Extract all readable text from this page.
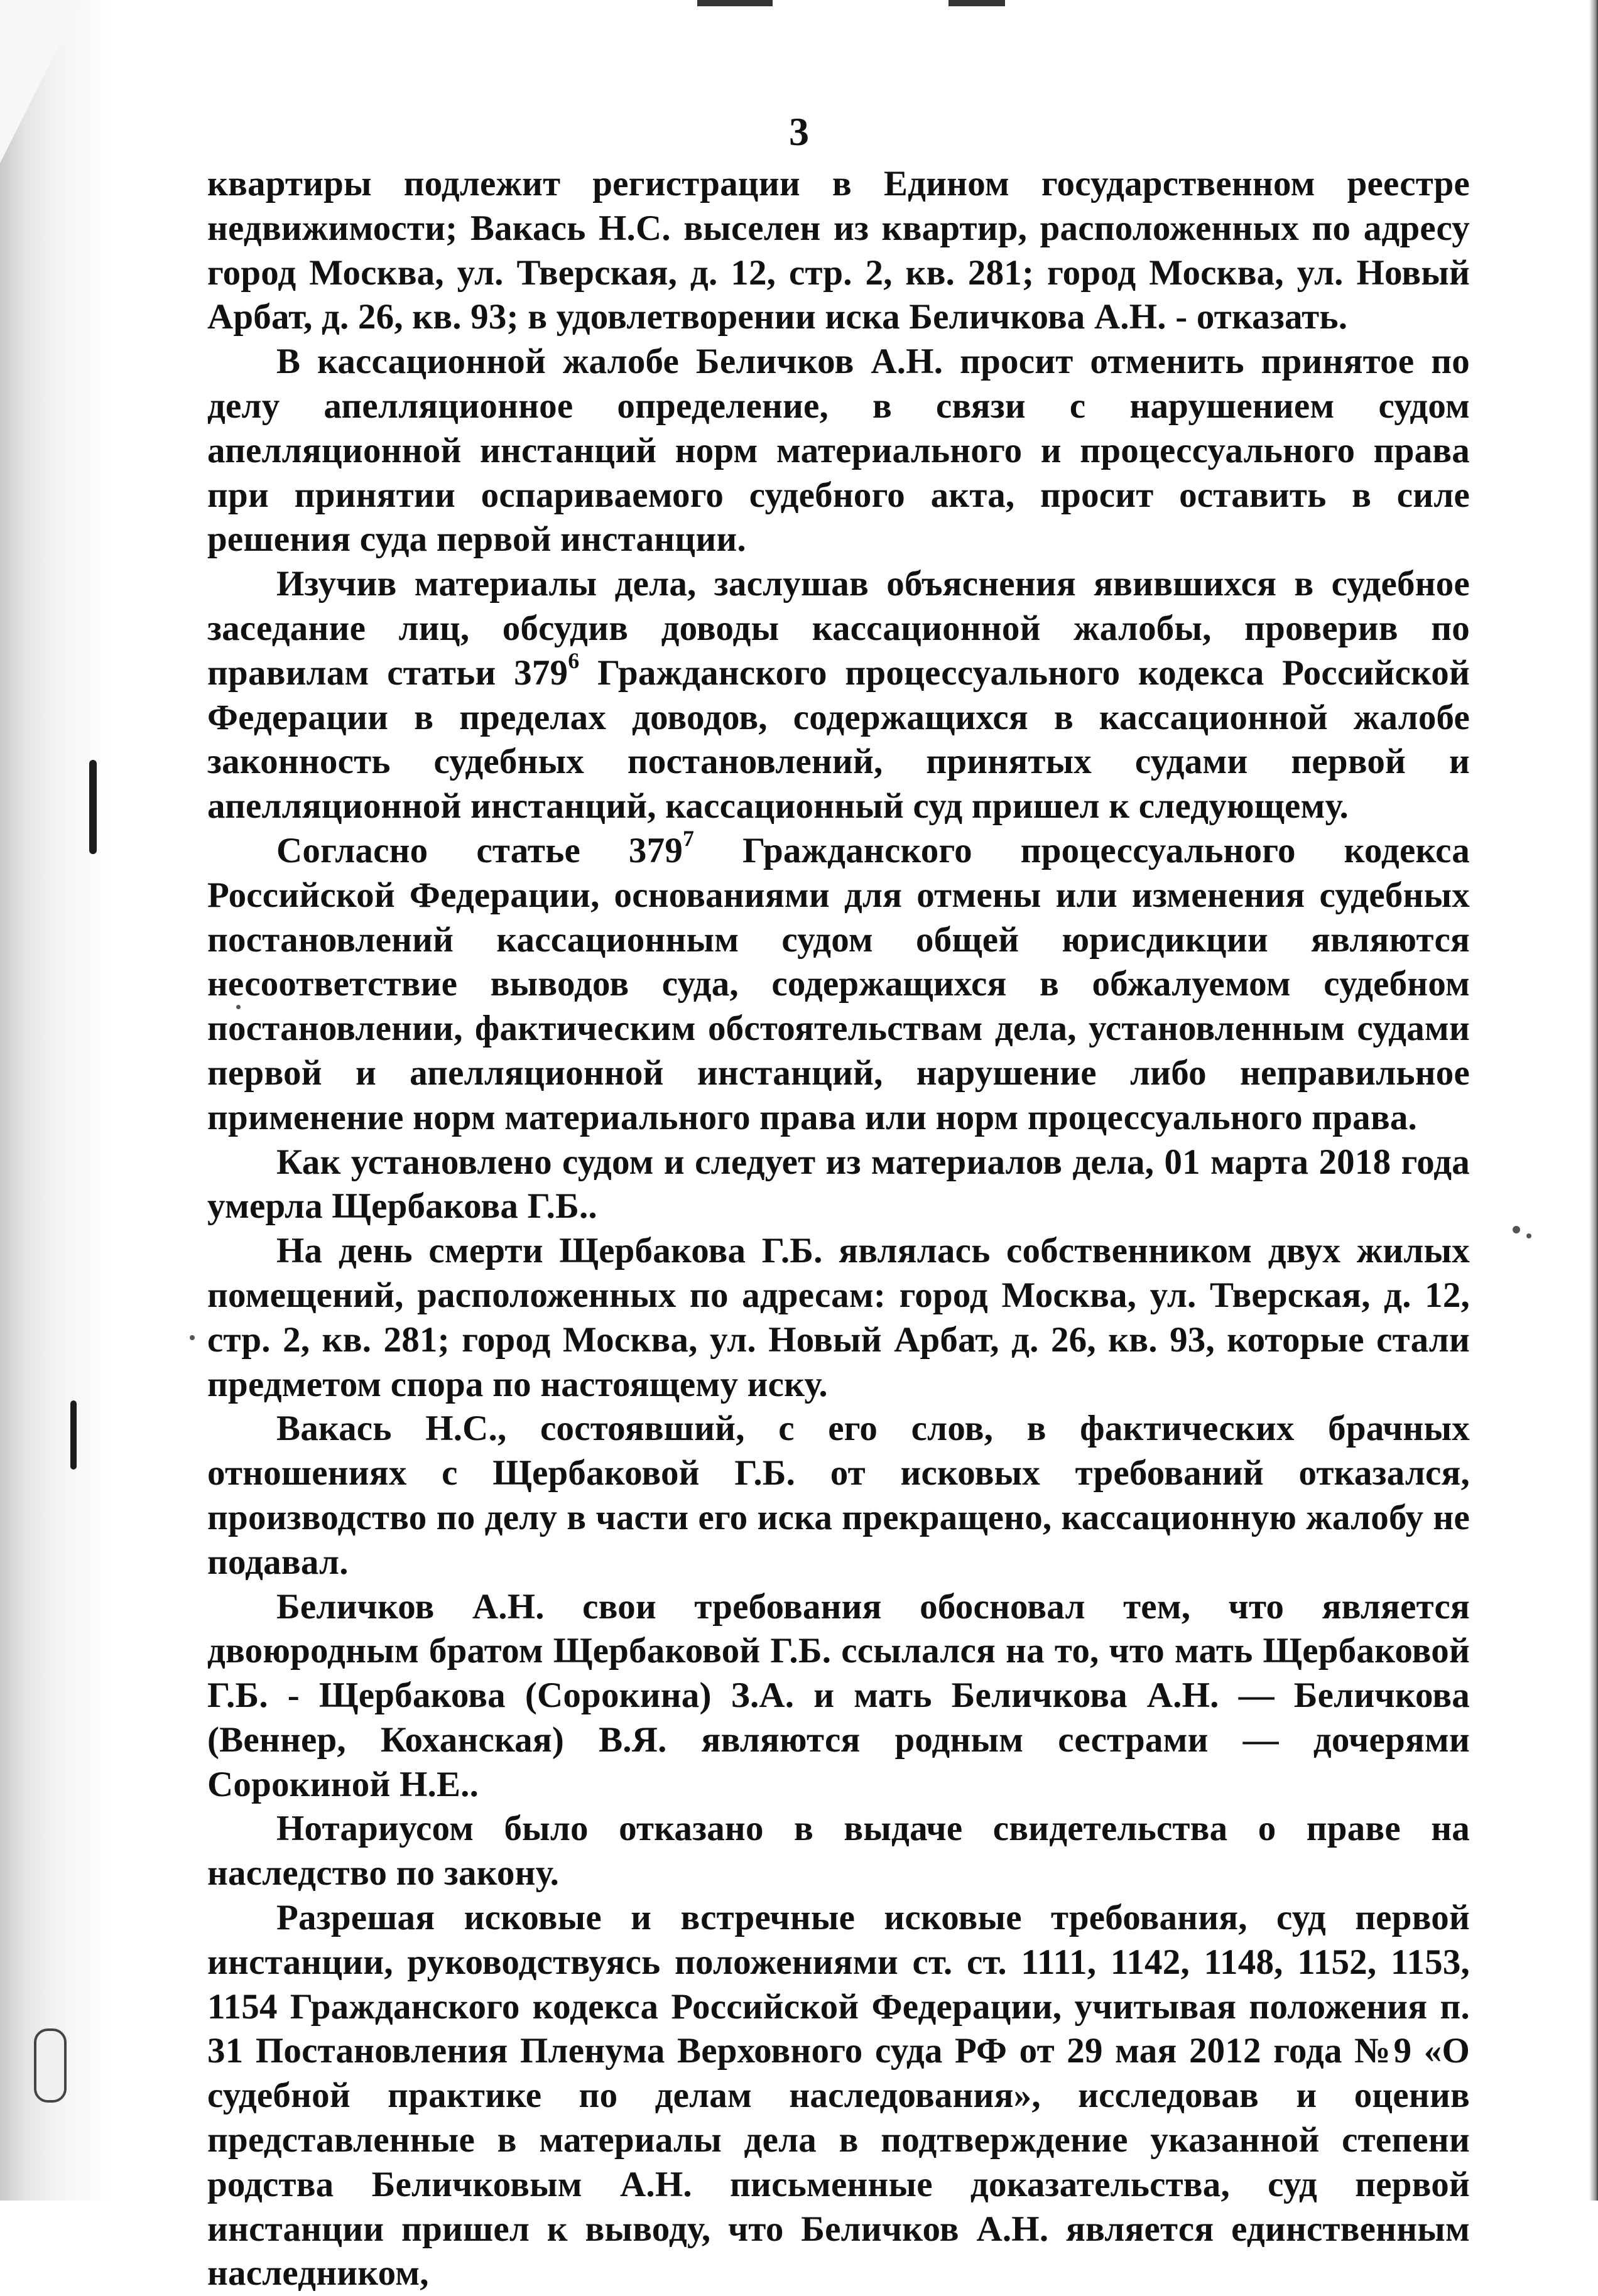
3

квартиры подлежит регистрации в Едином государственном реестре недвижимости; Вакась Н.С. выселен из квартир, расположенных по адресу город Москва, ул. Тверская, д. 12, стр. 2, кв. 281; город Москва, ул. Новый Арбат, д. 26, кв. 93; в удовлетворении иска Беличкова А.Н. - отказать.

В кассационной жалобе Беличков А.Н. просит отменить принятое по делу апелляционное определение, в связи с нарушением судом апелляционной инстанций норм материального и процессуального права при принятии оспариваемого судебного акта, просит оставить в силе решения суда первой инстанции.

Изучив материалы дела, заслушав объяснения явившихся в судебное заседание лиц, обсудив доводы кассационной жалобы, проверив по правилам статьи $379^6$ Гражданского процессуального кодекса Российской Федерации в пределах доводов, содержащихся в кассационной жалобе законность судебных постановлений, принятых судами первой и апелляционной инстанций, кассационный суд пришел к следующему.

Согласно статье $379^7$ Гражданского процессуального кодекса Российской Федерации, основаниями для отмены или изменения судебных постановлений кассационным судом общей юрисдикции являются несоответствие выводов суда, содержащихся в обжалуемом судебном постановлении, фактическим обстоятельствам дела, установленным судами первой и апелляционной инстанций, нарушение либо неправильное применение норм материального права или норм процессуального права.

Как установлено судом и следует из материалов дела, 01 марта 2018 года умерла Щербакова Г.Б..

На день смерти Щербакова Г.Б. являлась собственником двух жилых помещений, расположенных по адресам: город Москва, ул. Тверская, д. 12, стр. 2, кв. 281; город Москва, ул. Новый Арбат, д. 26, кв. 93, которые стали предметом спора по настоящему иску.

Вакась Н.С., состоявший, с его слов, в фактических брачных отношениях с Щербаковой Г.Б. от исковых требований отказался, производство по делу в части его иска прекращено, кассационную жалобу не подавал.

Беличков А.Н. свои требования обосновал тем, что является двоюродным братом Щербаковой Г.Б. ссылался на то, что мать Щербаковой Г.Б. - Щербакова (Сорокина) З.А. и мать Беличкова А.Н. — Беличкова (Веннер, Коханская) В.Я. являются родным сестрами — дочерями Сорокиной Н.Е..

Нотариусом было отказано в выдаче свидетельства о праве на наследство по закону.

Разрешая исковые и встречные исковые требования, суд первой инстанции, руководствуясь положениями ст. ст. 1111, 1142, 1148, 1152, 1153, 1154 Гражданского кодекса Российской Федерации, учитывая положения п. 31 Постановления Пленума Верховного суда РФ от 29 мая 2012 года №9 «О судебной практике по делам наследования», исследовав и оценив представленные в материалы дела в подтверждение указанной степени родства Беличковым А.Н. письменные доказательства, суд первой инстанции пришел к выводу, что Беличков А.Н. является единственным наследником,
